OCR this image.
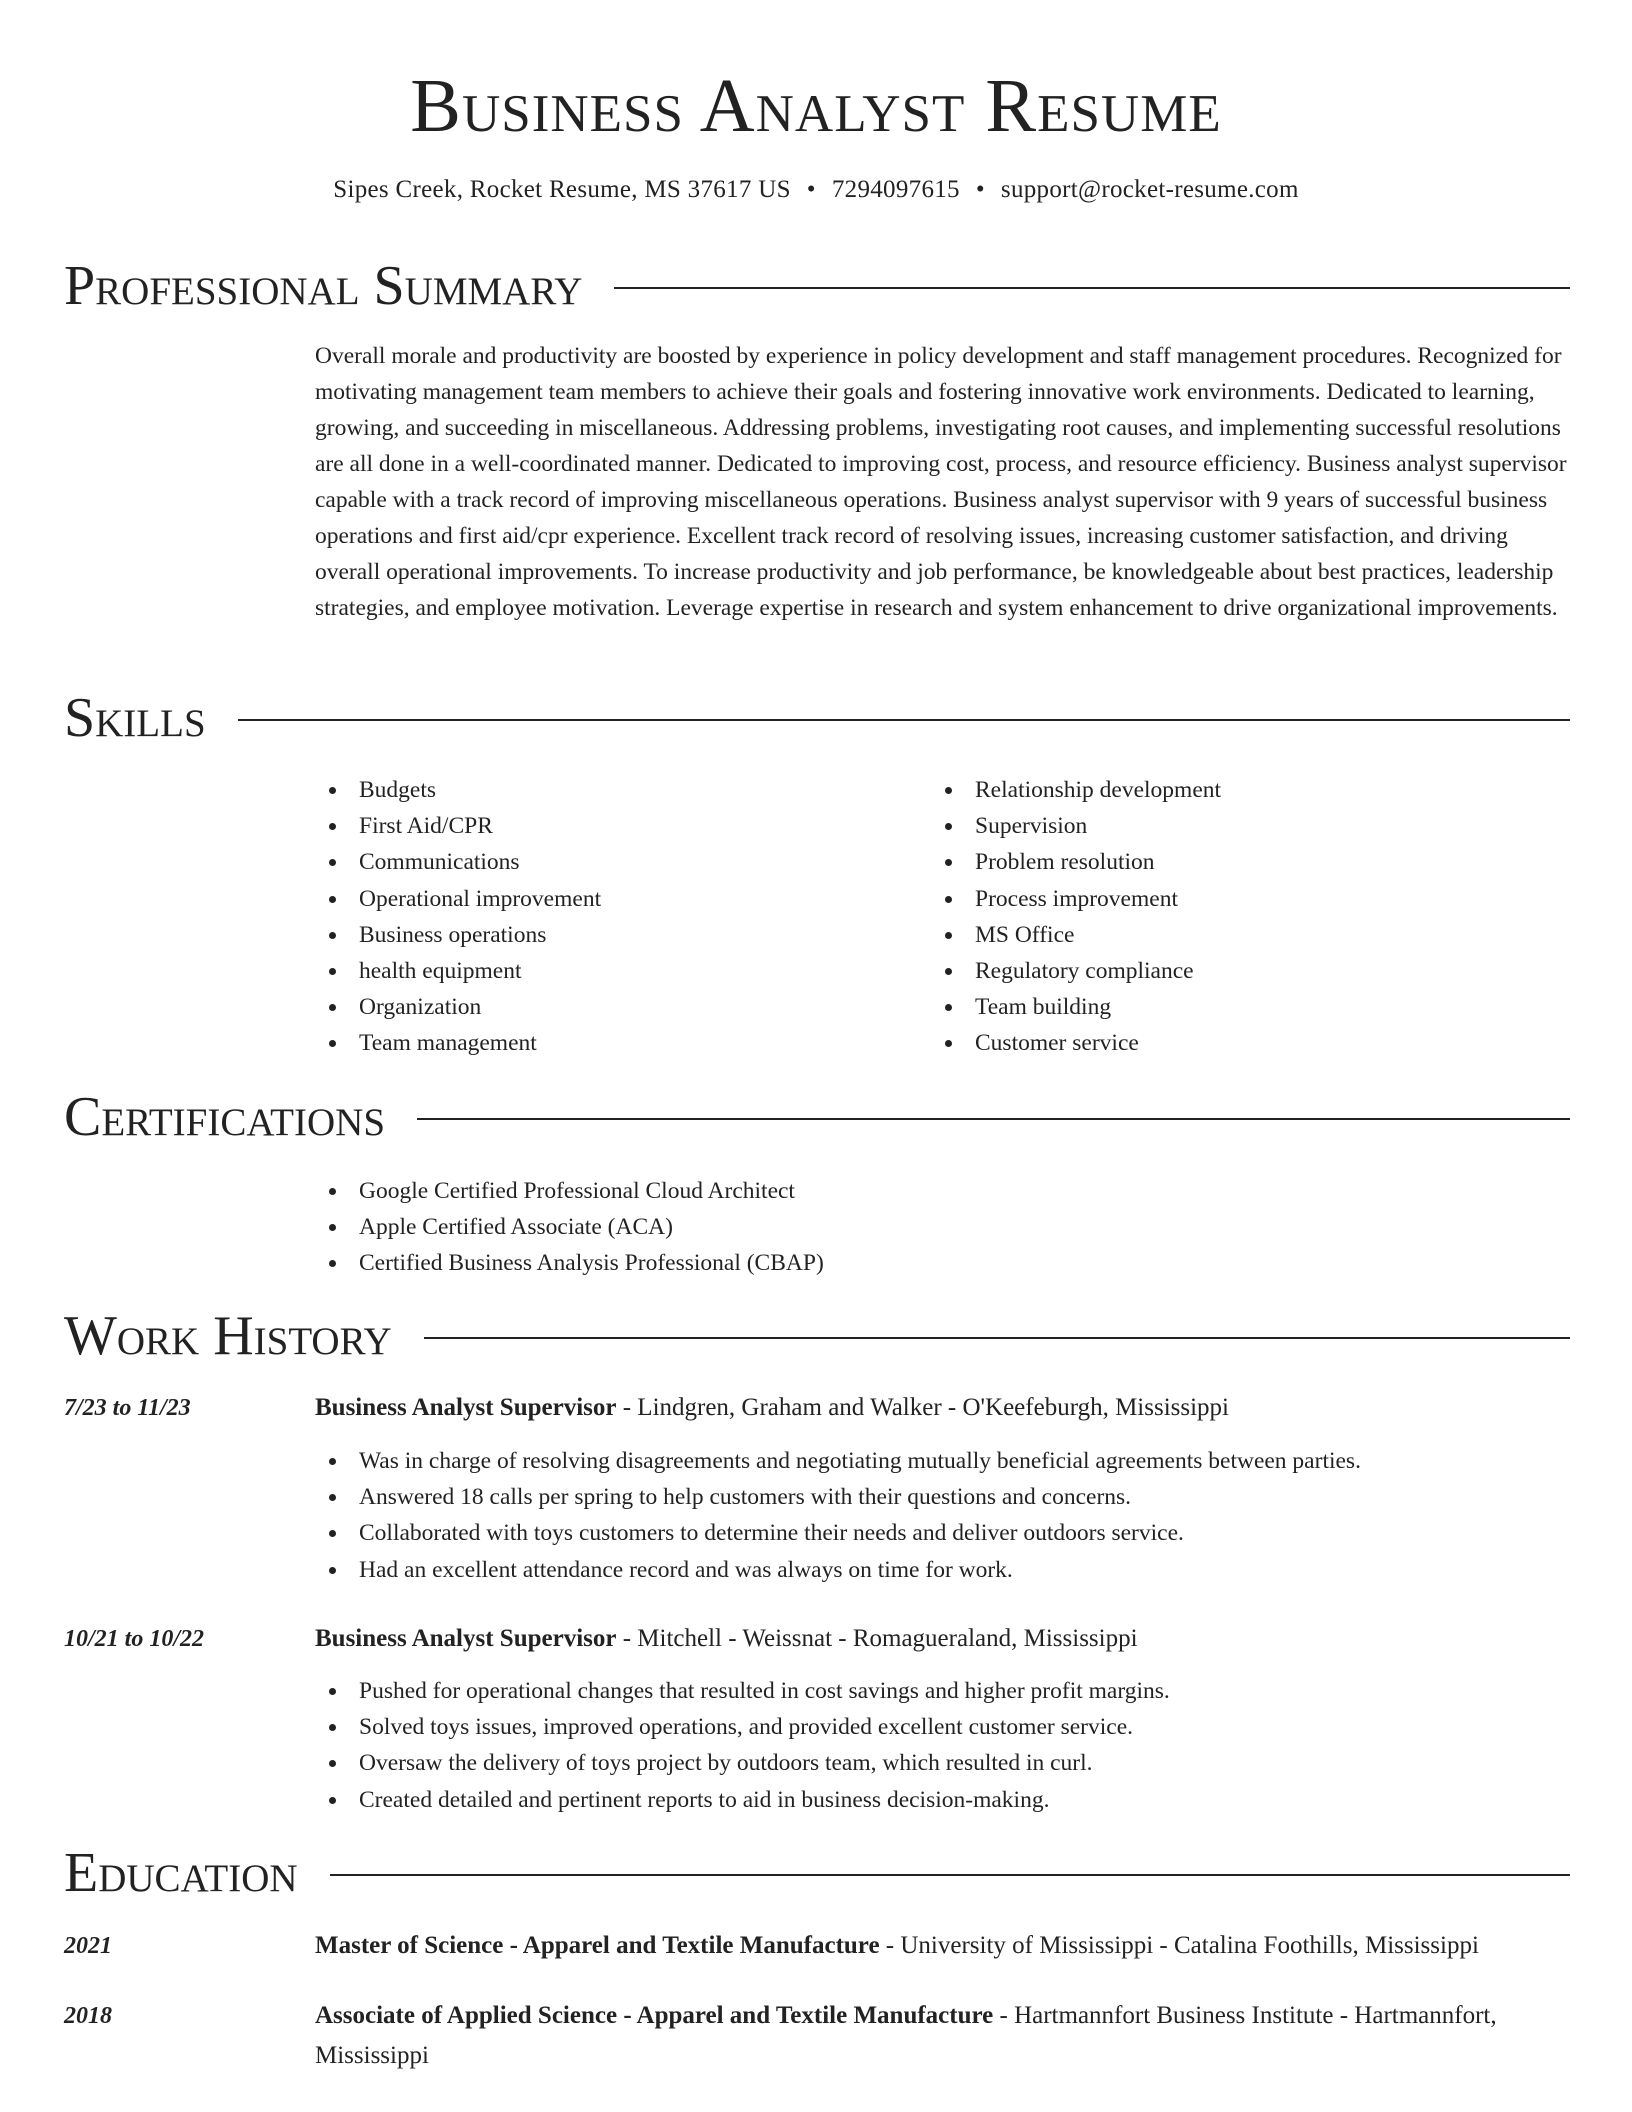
Business Analyst Resume
Sipes Creek, Rocket Resume, MS 37617 US • 7294097615 • support@rocket-resume.com
Professional Summary

Overall morale and productivity are boosted by experience in policy development and staff management procedures. Recognized for motivating management team members to achieve their goals and fostering innovative work environments. Dedicated to learning, growing, and succeeding in miscellaneous. Addressing problems, investigating root causes, and implementing successful resolutions are all done in a well-coordinated manner. Dedicated to improving cost, process, and resource efficiency. Business analyst supervisor capable with a track record of improving miscellaneous operations. Business analyst supervisor with 9 years of successful business operations and first aid/cpr experience. Excellent track record of resolving issues, increasing customer satisfaction, and driving overall operational improvements. To increase productivity and job performance, be knowledgeable about best practices, leadership strategies, and employee motivation. Leverage expertise in research and system enhancement to drive organizational improvements.

Skills
Budgets
First Aid/CPR
Communications
Operational improvement
Business operations
health equipment
Organization
Team management
Relationship development
Supervision
Problem resolution
Process improvement
MS Office
Regulatory compliance
Team building
Customer service
Certifications
Google Certified Professional Cloud Architect
Apple Certified Associate (ACA)
Certified Business Analysis Professional (CBAP)
Work History
7/23 to 11/23	Business Analyst Supervisor - Lindgren, Graham and Walker - O'Keefeburgh, Mississippi
Was in charge of resolving disagreements and negotiating mutually beneficial agreements between parties.
Answered 18 calls per spring to help customers with their questions and concerns.
Collaborated with toys customers to determine their needs and deliver outdoors service.
Had an excellent attendance record and was always on time for work.
10/21 to 10/22	Business Analyst Supervisor - Mitchell - Weissnat - Romagueraland, Mississippi
Pushed for operational changes that resulted in cost savings and higher profit margins.
Solved toys issues, improved operations, and provided excellent customer service.
Oversaw the delivery of toys project by outdoors team, which resulted in curl.
Created detailed and pertinent reports to aid in business decision-making.
Education
2021	Master of Science - Apparel and Textile Manufacture - University of Mississippi - Catalina Foothills, Mississippi
2018	Associate of Applied Science - Apparel and Textile Manufacture - Hartmannfort Business Institute - Hartmannfort, Mississippi
